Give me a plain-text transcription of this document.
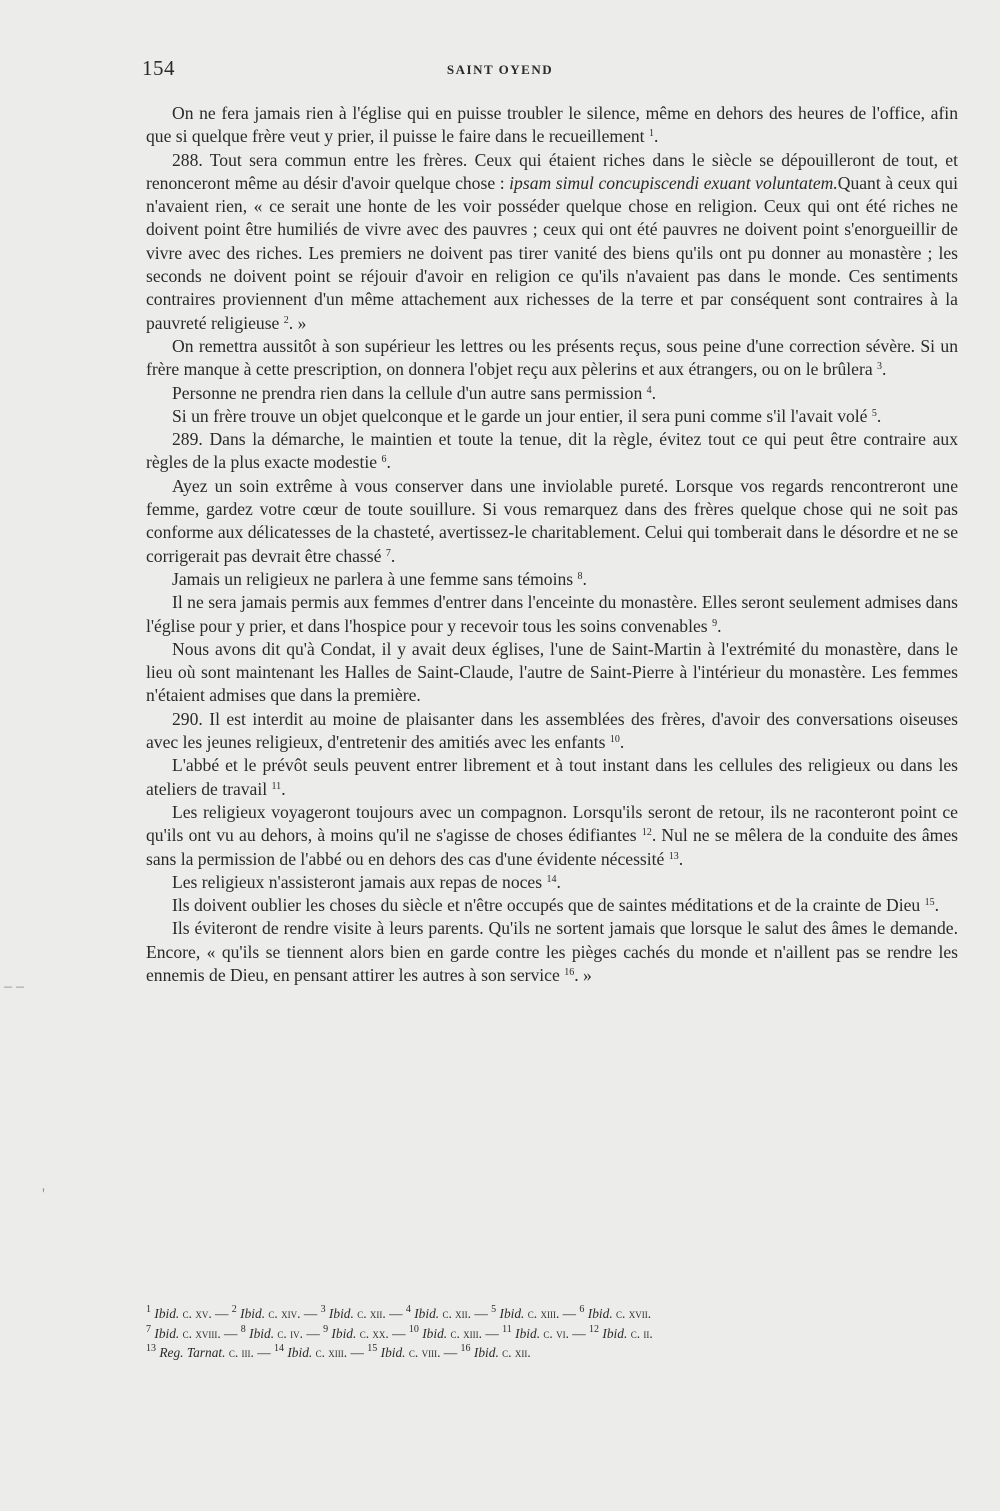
154	SAINT OYEND

On ne fera jamais rien à l'église qui en puisse troubler le silence, même en dehors des heures de l'office, afin que si quelque frère veut y prier, il puisse le faire dans le recueillement $^1$.

288. Tout sera commun entre les frères. Ceux qui étaient riches dans le siècle se dépouilleront de tout, et renonceront même au désir d'avoir quelque chose : ipsam simul concupiscendi exuant voluntatem.Quant à ceux qui n'avaient rien, « ce serait une honte de les voir posséder quelque chose en religion. Ceux qui ont été riches ne doivent point être humiliés de vivre avec des pauvres ; ceux qui ont été pauvres ne doivent point s'enorgueillir de vivre avec des riches. Les premiers ne doivent pas tirer vanité des biens qu'ils ont pu donner au monastère ; les seconds ne doivent point se réjouir d'avoir en religion ce qu'ils n'avaient pas dans le monde. Ces sentiments contraires proviennent d'un même attachement aux richesses de la terre et par conséquent sont contraires à la pauvreté religieuse $^2$. »

On remettra aussitôt à son supérieur les lettres ou les présents reçus, sous peine d'une correction sévère. Si un frère manque à cette prescription, on donnera l'objet reçu aux pèlerins et aux étrangers, ou on le brûlera $^3$.

Personne ne prendra rien dans la cellule d'un autre sans permission $^4$.

Si un frère trouve un objet quelconque et le garde un jour entier, il sera puni comme s'il l'avait volé $^5$.

289. Dans la démarche, le maintien et toute la tenue, dit la règle, évitez tout ce qui peut être contraire aux règles de la plus exacte modestie $^6$.

Ayez un soin extrême à vous conserver dans une inviolable pureté. Lorsque vos regards rencontreront une femme, gardez votre cœur de toute souillure. Si vous remarquez dans des frères quelque chose qui ne soit pas conforme aux délicatesses de la chasteté, avertissez-le charitablement. Celui qui tomberait dans le désordre et ne se corrigerait pas devrait être chassé $^7$.

Jamais un religieux ne parlera à une femme sans témoins $^8$.

Il ne sera jamais permis aux femmes d'entrer dans l'enceinte du monastère. Elles seront seulement admises dans l'église pour y prier, et dans l'hospice pour y recevoir tous les soins convenables $^9$.

Nous avons dit qu'à Condat, il y avait deux églises, l'une de Saint-Martin à l'extrémité du monastère, dans le lieu où sont maintenant les Halles de Saint-Claude, l'autre de Saint-Pierre à l'intérieur du monastère. Les femmes n'étaient admises que dans la première.

290. Il est interdit au moine de plaisanter dans les assemblées des frères, d'avoir des conversations oiseuses avec les jeunes religieux, d'entretenir des amitiés avec les enfants $^{10}$.

L'abbé et le prévôt seuls peuvent entrer librement et à tout instant dans les cellules des religieux ou dans les ateliers de travail $^{11}$.

Les religieux voyageront toujours avec un compagnon. Lorsqu'ils seront de retour, ils ne raconteront point ce qu'ils ont vu au dehors, à moins qu'il ne s'agisse de choses édifiantes $^{12}$. Nul ne se mêlera de la conduite des âmes sans la permission de l'abbé ou en dehors des cas d'une évidente nécessité $^{13}$.

Les religieux n'assisteront jamais aux repas de noces $^{14}$.

Ils doivent oublier les choses du siècle et n'être occupés que de saintes méditations et de la crainte de Dieu $^{15}$.

Ils éviteront de rendre visite à leurs parents. Qu'ils ne sortent jamais que lorsque le salut des âmes le demande. Encore, « qu'ils se tiennent alors bien en garde contre les pièges cachés du monde et n'aillent pas se rendre les ennemis de Dieu, en pensant attirer les autres à son service $^{16}$. »

$^1$ Ibid. c. xv. — $^2$ Ibid. c. xiv. — $^3$ Ibid. c. xii. — $^4$ Ibid. c. xii. — $^5$ Ibid. c. xiii. — $^6$ Ibid. c. xvii.
$^7$ Ibid. c. xviii. — $^8$ Ibid. c. iv. — $^9$ Ibid. c. xx. — $^{10}$ Ibid. c. xiii. — $^{11}$ Ibid. c. vi. — $^{12}$ Ibid. c. ii.
$^{13}$ Reg. Tarnat. c. iii. — $^{14}$ Ibid. c. xiii. — $^{15}$ Ibid. c. viii. — $^{16}$ Ibid. c. xii.
‒ ‒
'
